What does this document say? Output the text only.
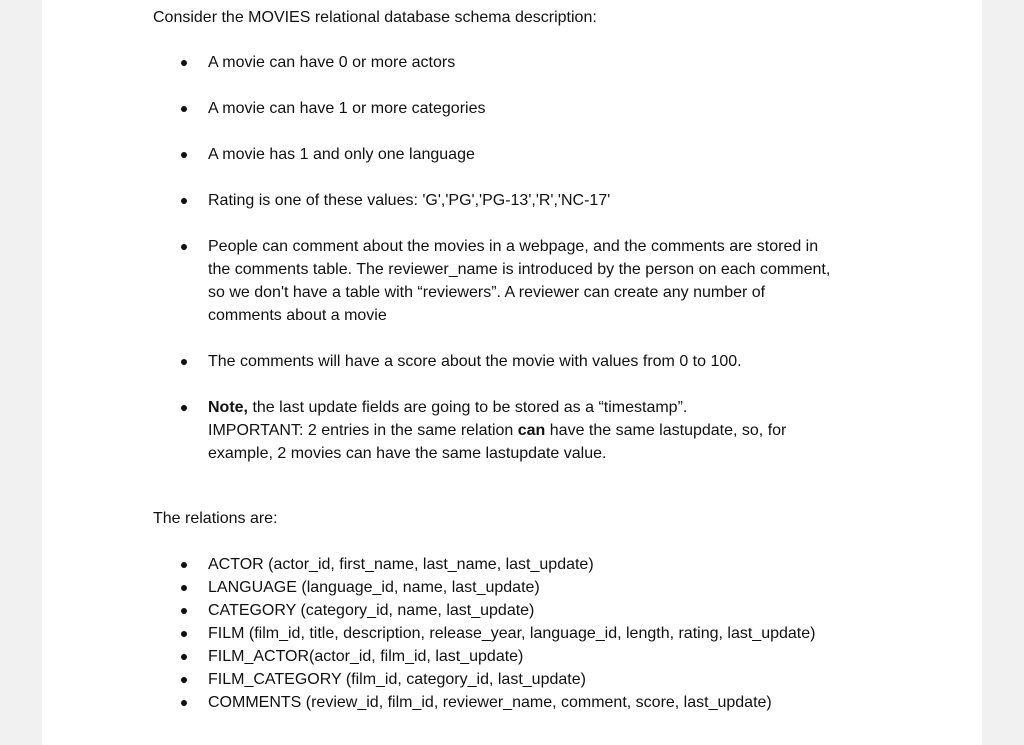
Consider the MOVIES relational database schema description:

A movie can have 0 or more actors
A movie can have 1 or more categories
A movie has 1 and only one language
Rating is one of these values: 'G','PG','PG-13','R','NC-17'
People can comment about the movies in a webpage, and the comments are stored in
the comments table. The reviewer_name is introduced by the person on each comment,
so we don't have a table with “reviewers”. A reviewer can create any number of
comments about a movie
The comments will have a score about the movie with values from 0 to 100.
Note, the last update fields are going to be stored as a “timestamp”.
IMPORTANT: 2 entries in the same relation can have the same lastupdate, so, for
example, 2 movies can have the same lastupdate value.

The relations are:

ACTOR (actor_id, first_name, last_name, last_update)
LANGUAGE (language_id, name, last_update)
CATEGORY (category_id, name, last_update)
FILM (film_id, title, description, release_year, language_id, length, rating, last_update)
FILM_ACTOR(actor_id, film_id, last_update)
FILM_CATEGORY (film_id, category_id, last_update)
COMMENTS (review_id, film_id, reviewer_name, comment, score, last_update)
